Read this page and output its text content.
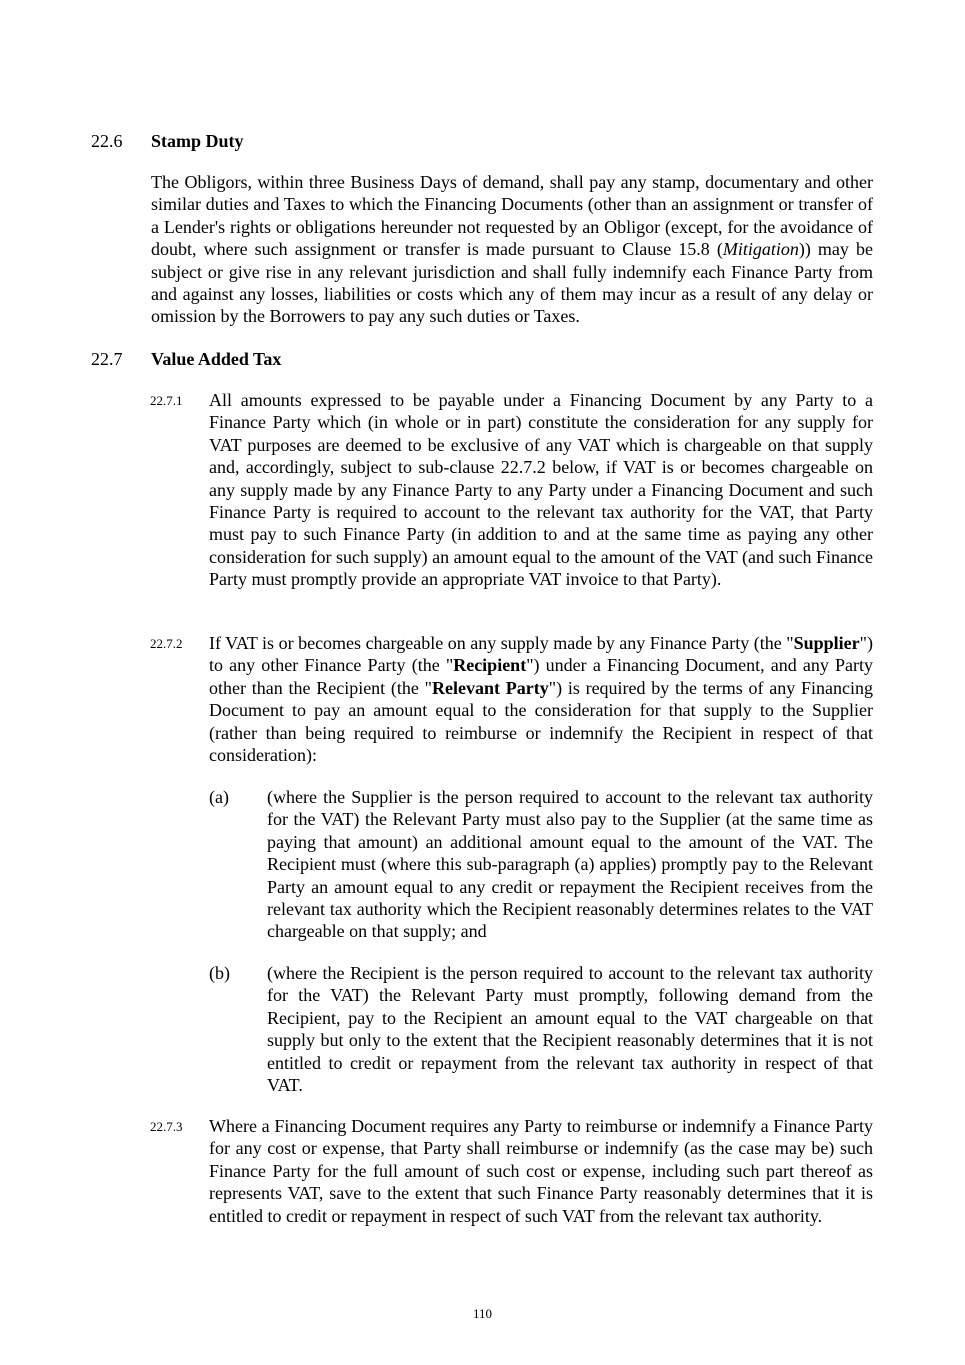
22.6 Stamp Duty
The Obligors, within three Business Days of demand, shall pay any stamp, documentary and other similar duties and Taxes to which the Financing Documents (other than an assignment or transfer of a Lender's rights or obligations hereunder not requested by an Obligor (except, for the avoidance of doubt, where such assignment or transfer is made pursuant to Clause 15.8 (Mitigation)) may be subject or give rise in any relevant jurisdiction and shall fully indemnify each Finance Party from and against any losses, liabilities or costs which any of them may incur as a result of any delay or omission by the Borrowers to pay any such duties or Taxes.
22.7 Value Added Tax
22.7.1 All amounts expressed to be payable under a Financing Document by any Party to a Finance Party which (in whole or in part) constitute the consideration for any supply for VAT purposes are deemed to be exclusive of any VAT which is chargeable on that supply and, accordingly, subject to sub-clause 22.7.2 below, if VAT is or becomes chargeable on any supply made by any Finance Party to any Party under a Financing Document and such Finance Party is required to account to the relevant tax authority for the VAT, that Party must pay to such Finance Party (in addition to and at the same time as paying any other consideration for such supply) an amount equal to the amount of the VAT (and such Finance Party must promptly provide an appropriate VAT invoice to that Party).
22.7.2 If VAT is or becomes chargeable on any supply made by any Finance Party (the "Supplier") to any other Finance Party (the "Recipient") under a Financing Document, and any Party other than the Recipient (the "Relevant Party") is required by the terms of any Financing Document to pay an amount equal to the consideration for that supply to the Supplier (rather than being required to reimburse or indemnify the Recipient in respect of that consideration):
(a) (where the Supplier is the person required to account to the relevant tax authority for the VAT) the Relevant Party must also pay to the Supplier (at the same time as paying that amount) an additional amount equal to the amount of the VAT. The Recipient must (where this sub-paragraph (a) applies) promptly pay to the Relevant Party an amount equal to any credit or repayment the Recipient receives from the relevant tax authority which the Recipient reasonably determines relates to the VAT chargeable on that supply; and
(b) (where the Recipient is the person required to account to the relevant tax authority for the VAT) the Relevant Party must promptly, following demand from the Recipient, pay to the Recipient an amount equal to the VAT chargeable on that supply but only to the extent that the Recipient reasonably determines that it is not entitled to credit or repayment from the relevant tax authority in respect of that VAT.
22.7.3 Where a Financing Document requires any Party to reimburse or indemnify a Finance Party for any cost or expense, that Party shall reimburse or indemnify (as the case may be) such Finance Party for the full amount of such cost or expense, including such part thereof as represents VAT, save to the extent that such Finance Party reasonably determines that it is entitled to credit or repayment in respect of such VAT from the relevant tax authority.
110
